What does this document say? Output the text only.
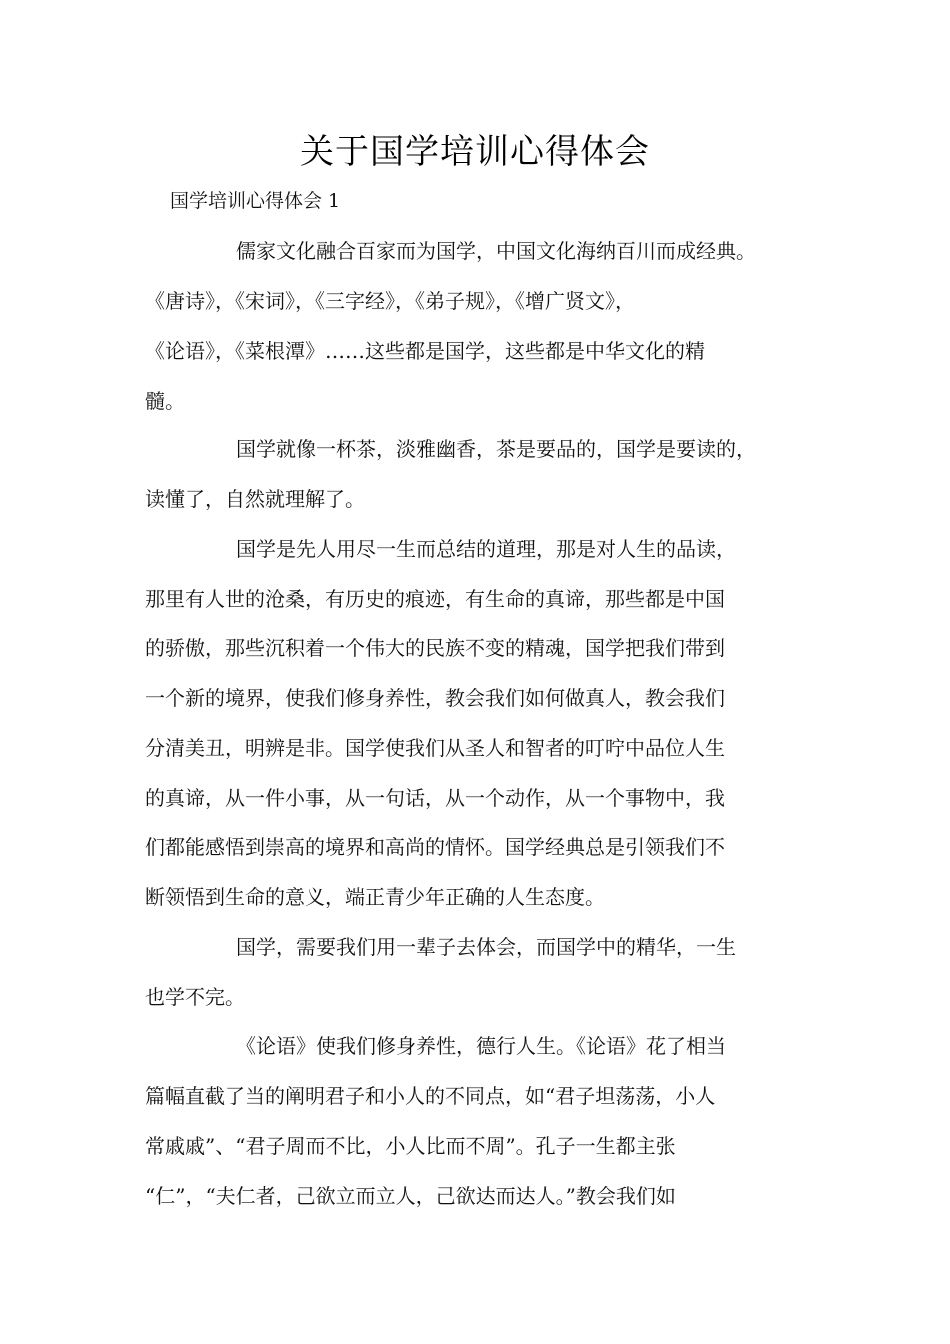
关于国学培训心得体会
国学培训心得体会 1
儒家文化融合百家而为国学，中国文化海纳百川而成经典。
《唐诗》，《宋词》，《三字经》，《弟子规》，《增广贤文》，
《论语》，《菜根潭》……这些都是国学，这些都是中华文化的精
髓。
国学就像一杯茶，淡雅幽香，茶是要品的，国学是要读的，
读懂了，自然就理解了。
国学是先人用尽一生而总结的道理，那是对人生的品读，
那里有人世的沧桑，有历史的痕迹，有生命的真谛，那些都是中国
的骄傲，那些沉积着一个伟大的民族不变的精魂，国学把我们带到
一个新的境界，使我们修身养性，教会我们如何做真人，教会我们
分清美丑，明辨是非。国学使我们从圣人和智者的叮咛中品位人生
的真谛，从一件小事，从一句话，从一个动作，从一个事物中，我
们都能感悟到崇高的境界和高尚的情怀。国学经典总是引领我们不
断领悟到生命的意义，端正青少年正确的人生态度。
国学，需要我们用一辈子去体会，而国学中的精华，一生
也学不完。
《论语》使我们修身养性，德行人生。《论语》花了相当
篇幅直截了当的阐明君子和小人的不同点，如“君子坦荡荡，小人
常戚戚”、“君子周而不比，小人比而不周”。孔子一生都主张
“仁”，“夫仁者，己欲立而立人，己欲达而达人。”教会我们如
